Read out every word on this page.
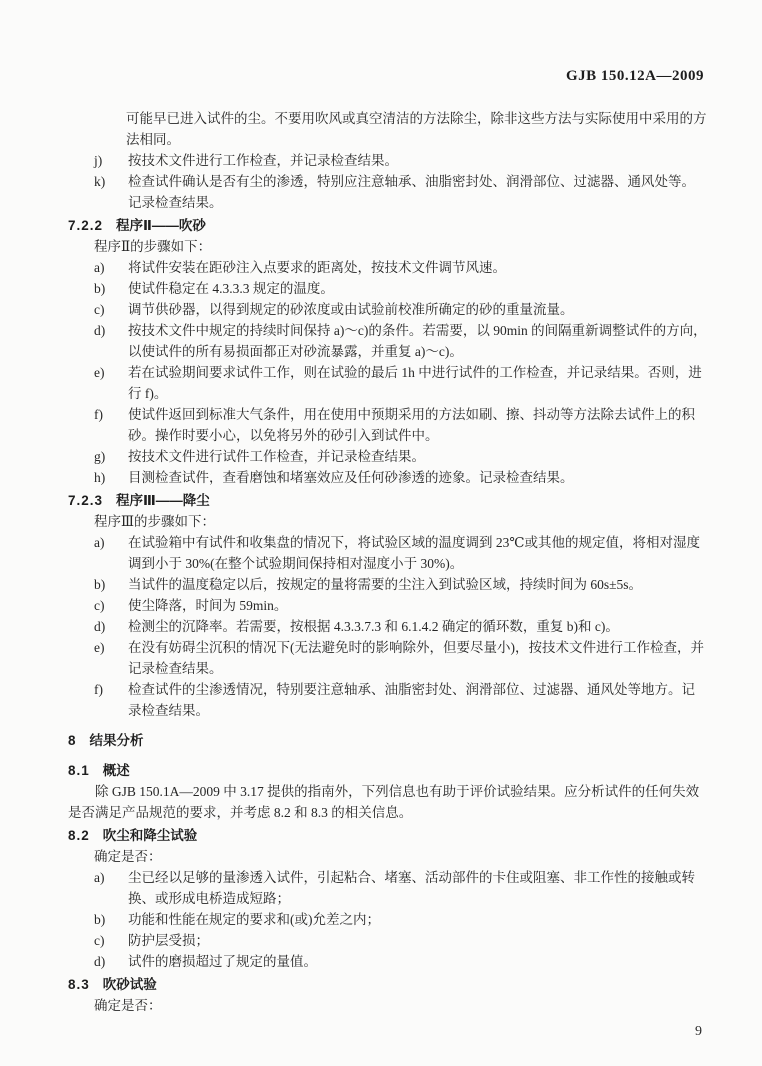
GJB 150.12A—2009

可能早已进入试件的尘。不要用吹风或真空清洁的方法除尘，除非这些方法与实际使用中采用的方法相同。

j)	按技术文件进行工作检查，并记录检查结果。
k)	检查试件确认是否有尘的渗透，特别应注意轴承、油脂密封处、润滑部位、过滤器、通风处等。记录检查结果。
7.2.2 程序Ⅱ——吹砂

程序Ⅱ的步骤如下：

a)	将试件安装在距砂注入点要求的距离处，按技术文件调节风速。
b)	使试件稳定在 4.3.3.3 规定的温度。
c)	调节供砂器，以得到规定的砂浓度或由试验前校准所确定的砂的重量流量。
d)	按技术文件中规定的持续时间保持 a)～c)的条件。若需要，以 90min 的间隔重新调整试件的方向，以使试件的所有易损面都正对砂流暴露，并重复 a)～c)。
e)	若在试验期间要求试件工作，则在试验的最后 1h 中进行试件的工作检查，并记录结果。否则，进行 f)。
f)	使试件返回到标准大气条件，用在使用中预期采用的方法如刷、擦、抖动等方法除去试件上的积砂。操作时要小心，以免将另外的砂引入到试件中。
g)	按技术文件进行试件工作检查，并记录检查结果。
h)	目测检查试件，查看磨蚀和堵塞效应及任何砂渗透的迹象。记录检查结果。
7.2.3 程序Ⅲ——降尘

程序Ⅲ的步骤如下：

a)	在试验箱中有试件和收集盘的情况下，将试验区域的温度调到 23℃或其他的规定值，将相对湿度调到小于 30%(在整个试验期间保持相对湿度小于 30%)。
b)	当试件的温度稳定以后，按规定的量将需要的尘注入到试验区域，持续时间为 60s±5s。
c)	使尘降落，时间为 59min。
d)	检测尘的沉降率。若需要，按根据 4.3.3.7.3 和 6.1.4.2 确定的循环数，重复 b)和 c)。
e)	在没有妨碍尘沉积的情况下(无法避免时的影响除外，但要尽量小)，按技术文件进行工作检查，并记录检查结果。
f)	检查试件的尘渗透情况，特别要注意轴承、油脂密封处、润滑部位、过滤器、通风处等地方。记录检查结果。
8 结果分析
8.1 概述

除 GJB 150.1A—2009 中 3.17 提供的指南外，下列信息也有助于评价试验结果。应分析试件的任何失效是否满足产品规范的要求，并考虑 8.2 和 8.3 的相关信息。

8.2 吹尘和降尘试验

确定是否：

a)	尘已经以足够的量渗透入试件，引起粘合、堵塞、活动部件的卡住或阻塞、非工作性的接触或转换、或形成电桥造成短路；
b)	功能和性能在规定的要求和(或)允差之内；
c)	防护层受损；
d)	试件的磨损超过了规定的量值。
8.3 吹砂试验

确定是否：

9
